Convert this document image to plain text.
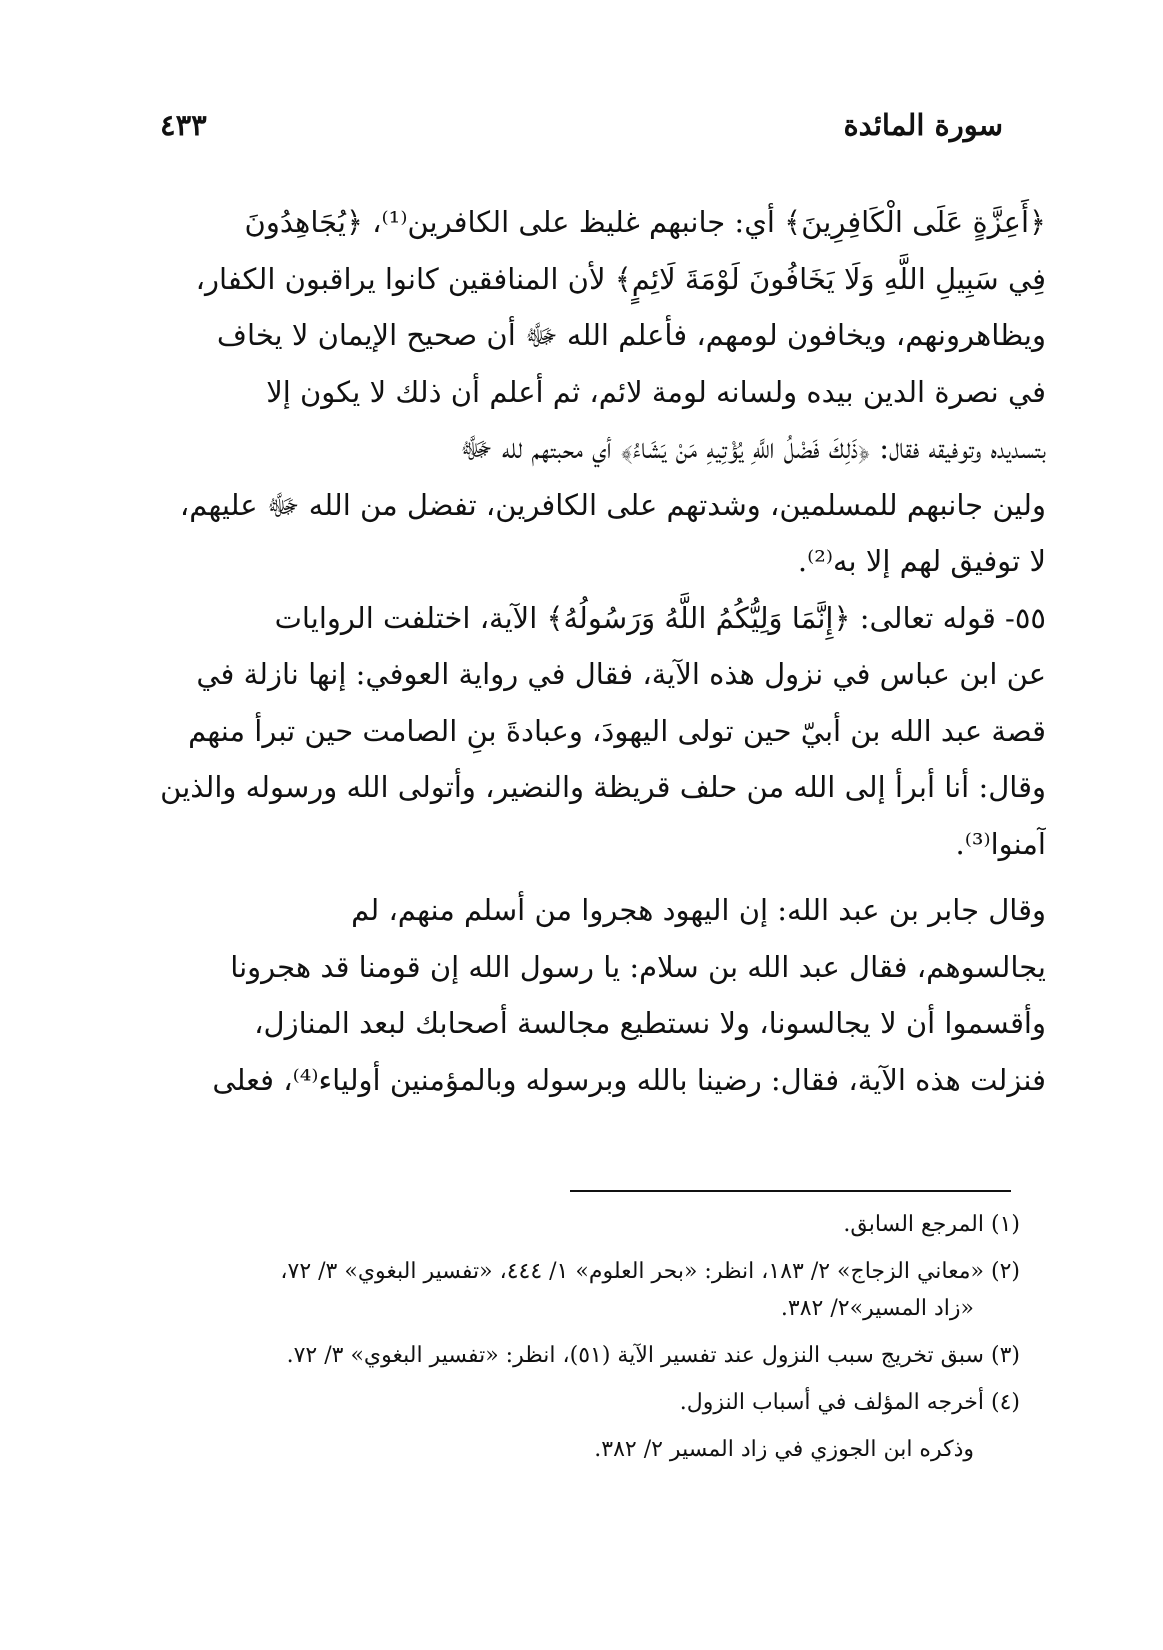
سورة المائدة
٤٣٣
﴿أَعِزَّةٍ عَلَى الْكَافِرِينَ﴾ أي: جانبهم غليظ على الكافرين⁽¹⁾، ﴿يُجَاهِدُونَ
فِي سَبِيلِ اللَّهِ وَلَا يَخَافُونَ لَوْمَةَ لَائِمٍ﴾ لأن المنافقين كانوا يراقبون الكفار،
ويظاهرونهم، ويخافون لومهم، فأعلم الله ﷻ أن صحيح الإيمان لا يخاف
في نصرة الدين بيده ولسانه لومة لائم، ثم أعلم أن ذلك لا يكون إلا
بتسديده وتوفيقه فقال: ﴿ذَلِكَ فَضْلُ اللَّهِ يُؤْتِيهِ مَنْ يَشَاءُ﴾ أي محبتهم لله ﷻ
ولين جانبهم للمسلمين، وشدتهم على الكافرين، تفضل من الله ﷻ عليهم،
لا توفيق لهم إلا به⁽²⁾.
٥٥- قوله تعالى: ﴿إِنَّمَا وَلِيُّكُمُ اللَّهُ وَرَسُولُهُ﴾ الآية، اختلفت الروايات
عن ابن عباس في نزول هذه الآية، فقال في رواية العوفي: إنها نازلة في
قصة عبد الله بن أبيّ حين تولى اليهودَ، وعبادةَ بنِ الصامت حين تبرأ منهم
وقال: أنا أبرأ إلى الله من حلف قريظة والنضير، وأتولى الله ورسوله والذين
آمنوا⁽³⁾.
وقال جابر بن عبد الله: إن اليهود هجروا من أسلم منهم، لم
يجالسوهم، فقال عبد الله بن سلام: يا رسول الله إن قومنا قد هجرونا
وأقسموا أن لا يجالسونا، ولا نستطيع مجالسة أصحابك لبعد المنازل،
فنزلت هذه الآية، فقال: رضينا بالله وبرسوله وبالمؤمنين أولياء⁽⁴⁾، فعلى
(١) المرجع السابق.
(٢) «معاني الزجاج» ٢/ ١٨٣، انظر: «بحر العلوم» ١/ ٤٤٤، «تفسير البغوي» ٣/ ٧٢،
«زاد المسير»٢/ ٣٨٢.
(٣) سبق تخريج سبب النزول عند تفسير الآية (٥١)، انظر: «تفسير البغوي» ٣/ ٧٢.
(٤) أخرجه المؤلف في أسباب النزول.
وذكره ابن الجوزي في زاد المسير ٢/ ٣٨٢.
